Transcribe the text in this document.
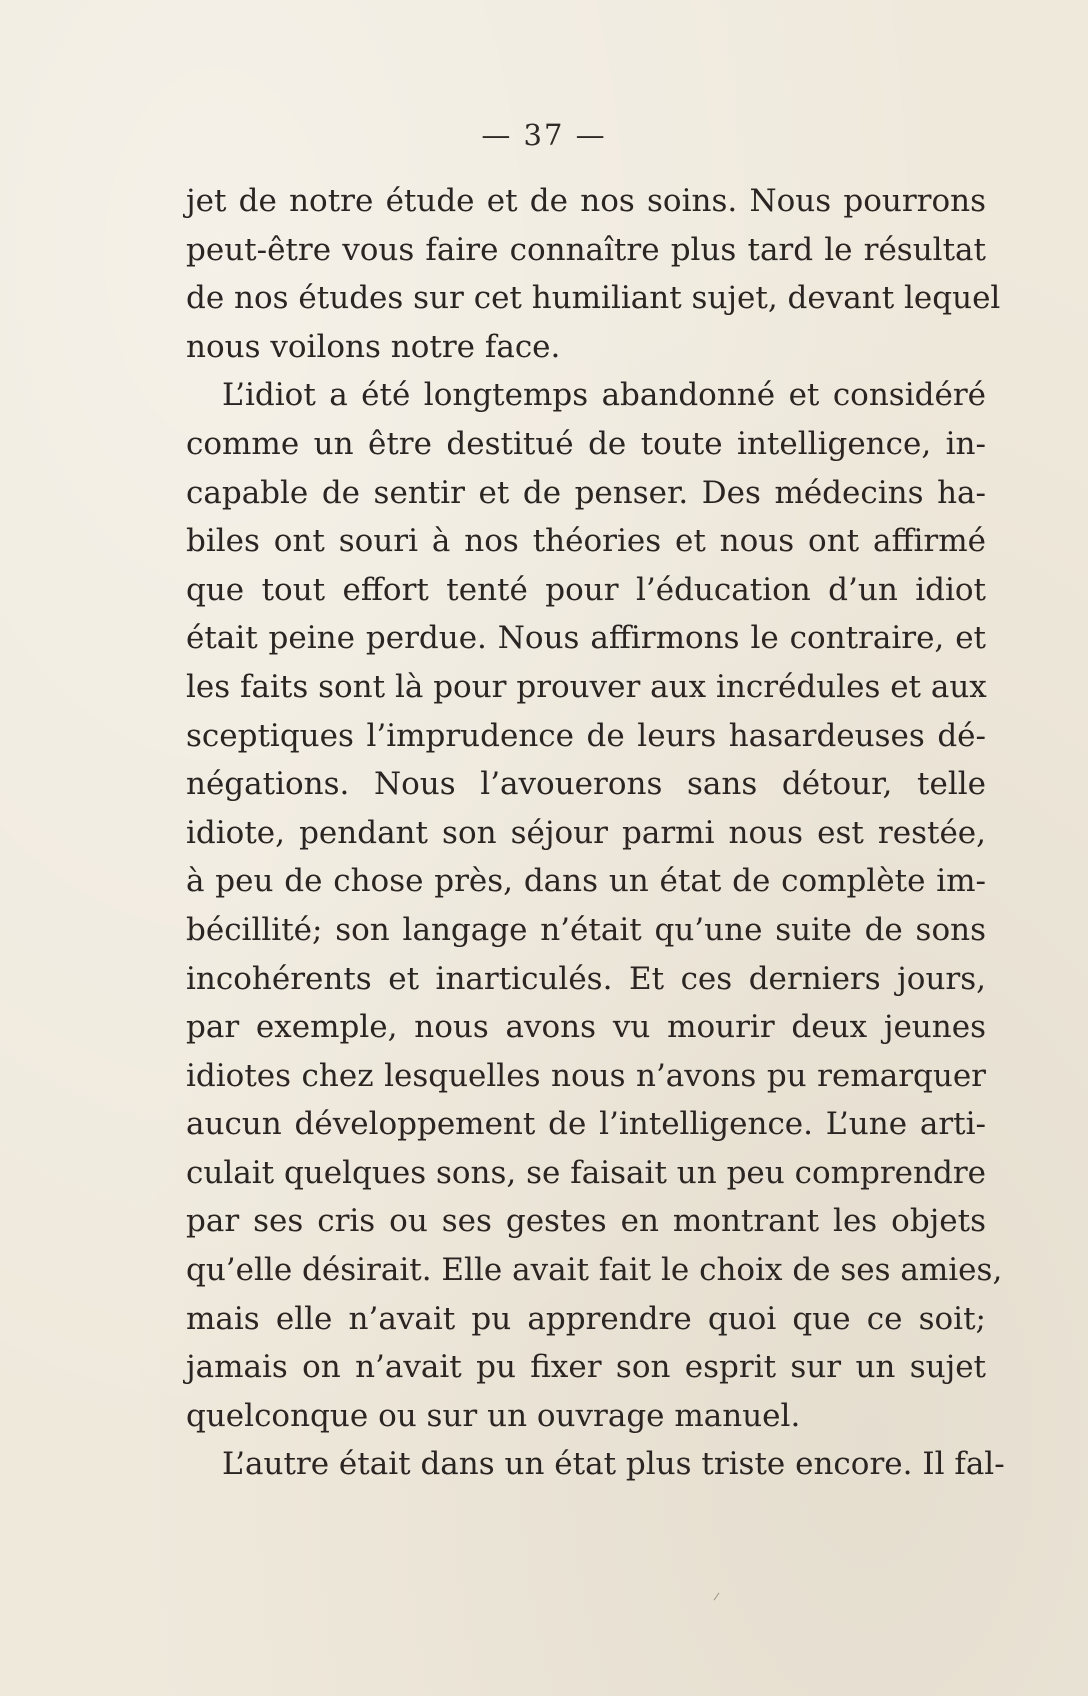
— 37 —
jet de notre étude et de nos soins. Nous pourrons
peut-être vous faire connaître plus tard le résultat
de nos études sur cet humiliant sujet, devant lequel
nous voilons notre face.
L’idiot a été longtemps abandonné et considéré
comme un être destitué de toute intelligence, in-
capable de sentir et de penser. Des médecins ha-
biles ont souri à nos théories et nous ont affirmé
que tout effort tenté pour l’éducation d’un idiot
était peine perdue. Nous affirmons le contraire, et
les faits sont là pour prouver aux incrédules et aux
sceptiques l’imprudence de leurs hasardeuses dé-
négations. Nous l’avouerons sans détour, telle
idiote, pendant son séjour parmi nous est restée,
à peu de chose près, dans un état de complète im-
bécillité; son langage n’était qu’une suite de sons
incohérents et inarticulés. Et ces derniers jours,
par exemple, nous avons vu mourir deux jeunes
idiotes chez lesquelles nous n’avons pu remarquer
aucun développement de l’intelligence. L’une arti-
culait quelques sons, se faisait un peu comprendre
par ses cris ou ses gestes en montrant les objets
qu’elle désirait. Elle avait fait le choix de ses amies,
mais elle n’avait pu apprendre quoi que ce soit;
jamais on n’avait pu fixer son esprit sur un sujet
quelconque ou sur un ouvrage manuel.
L’autre était dans un état plus triste encore. Il fal-
